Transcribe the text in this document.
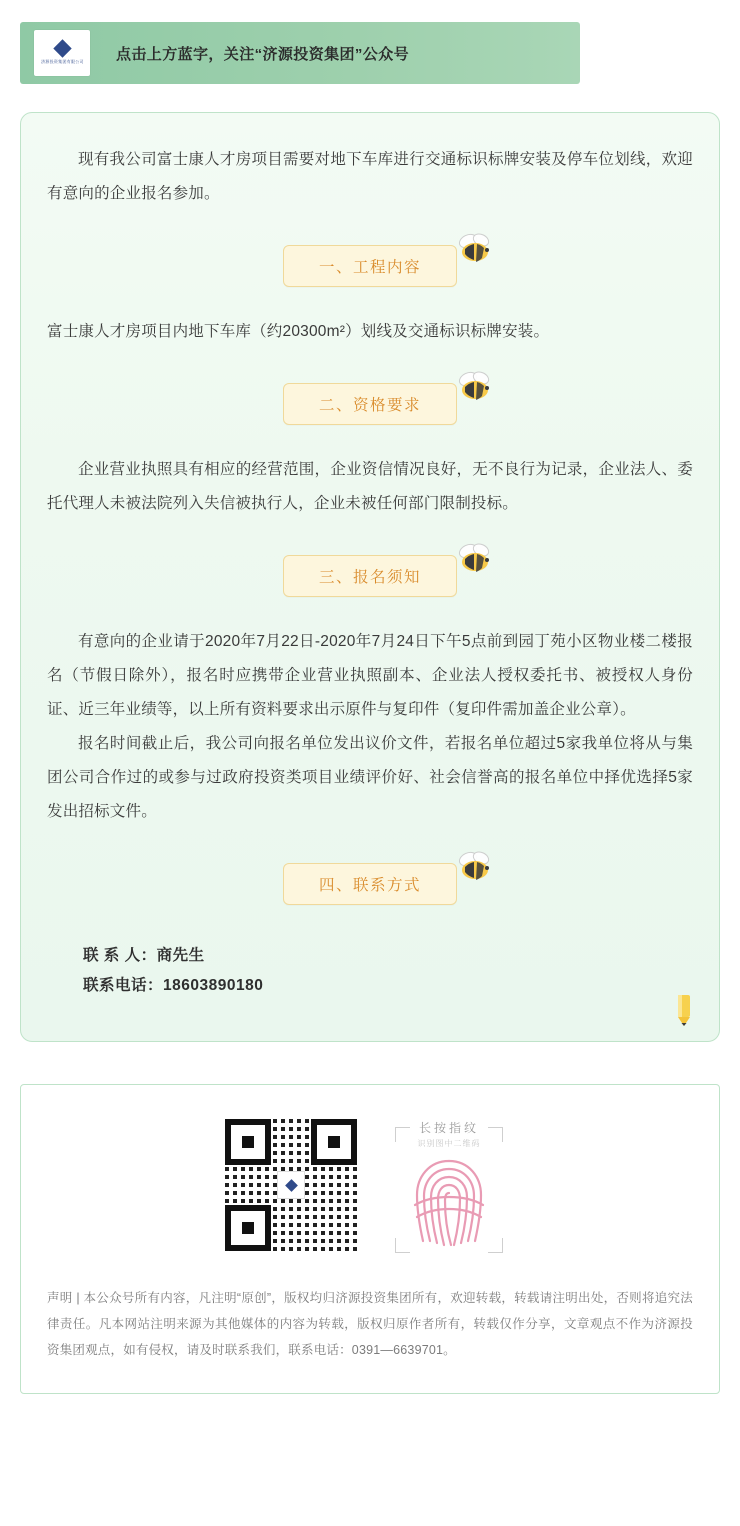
济源投资集团有限公司 点击上方蓝字，关注“济源投资集团”公众号
现有我公司富士康人才房项目需要对地下车库进行交通标识标牌安装及停车位划线，欢迎有意向的企业报名参加。
一、工程内容
富士康人才房项目内地下车库（约20300m²）划线及交通标识标牌安装。
二、资格要求
企业营业执照具有相应的经营范围，企业资信情况良好，无不良行为记录，企业法人、委托代理人未被法院列入失信被执行人，企业未被任何部门限制投标。
三、报名须知
有意向的企业请于2020年7月22日-2020年7月24日下午5点前到园丁苑小区物业楼二楼报名（节假日除外），报名时应携带企业营业执照副本、企业法人授权委托书、被授权人身份证、近三年业绩等，以上所有资料要求出示原件与复印件（复印件需加盖企业公章）。
报名时间截止后，我公司向报名单位发出议价文件，若报名单位超过5家我单位将从与集团公司合作过的或参与过政府投资类项目业绩评价好、社会信誉高的报名单位中择优选择5家发出招标文件。
四、联系方式
联 系 人：商先生
联系电话：18603890180
长按指纹
识别图中二维码
声明 | 本公众号所有内容，凡注明“原创”，版权均归济源投资集团所有，欢迎转载，转载请注明出处，否则将追究法律责任。凡本网站注明来源为其他媒体的内容为转载，版权归原作者所有，转载仅作分享，文章观点不作为济源投资集团观点，如有侵权，请及时联系我们，联系电话：0391—6639701。
